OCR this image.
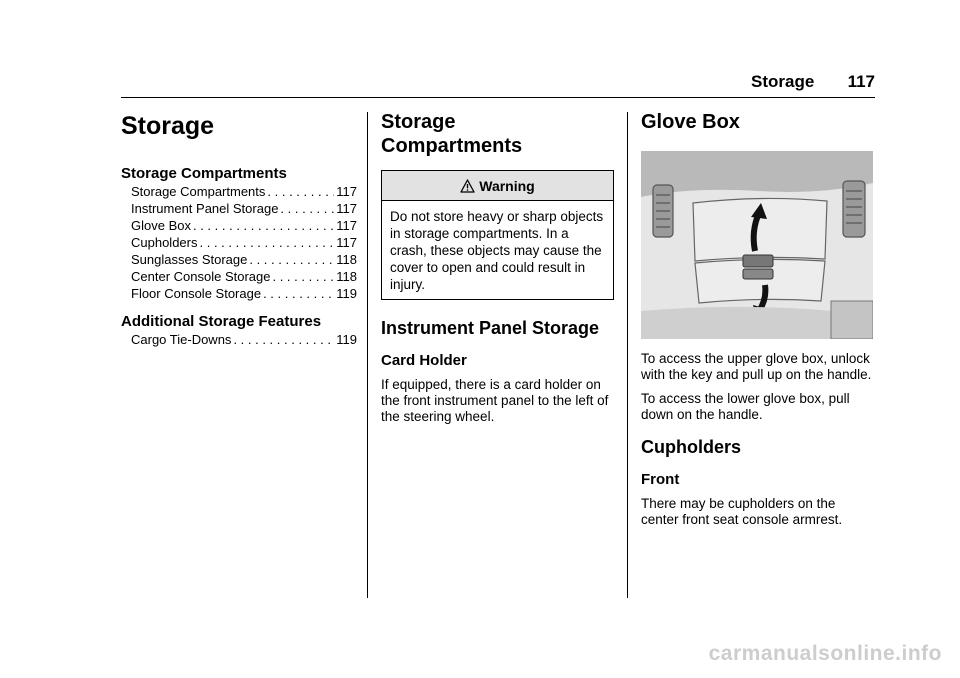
Storage 117
Storage
Storage Compartments
Storage Compartments . . .	117
Instrument Panel Storage . . .	117
Glove Box . . .	117
Cupholders . . .	117
Sunglasses Storage . . .	118
Center Console Storage . . .	118
Floor Console Storage . . .	119
Additional Storage Features
Cargo Tie-Downs . . .	119
Storage
Compartments
Warning
Do not store heavy or sharp objects in storage compartments. In a crash, these objects may cause the cover to open and could result in injury.
Instrument Panel Storage
Card Holder

If equipped, there is a card holder on the front instrument panel to the left of the steering wheel.

Glove Box

To access the upper glove box, unlock with the key and pull up on the handle.

To access the lower glove box, pull down on the handle.

Cupholders
Front

There may be cupholders on the center front seat console armrest.

carmanualsonline.info
